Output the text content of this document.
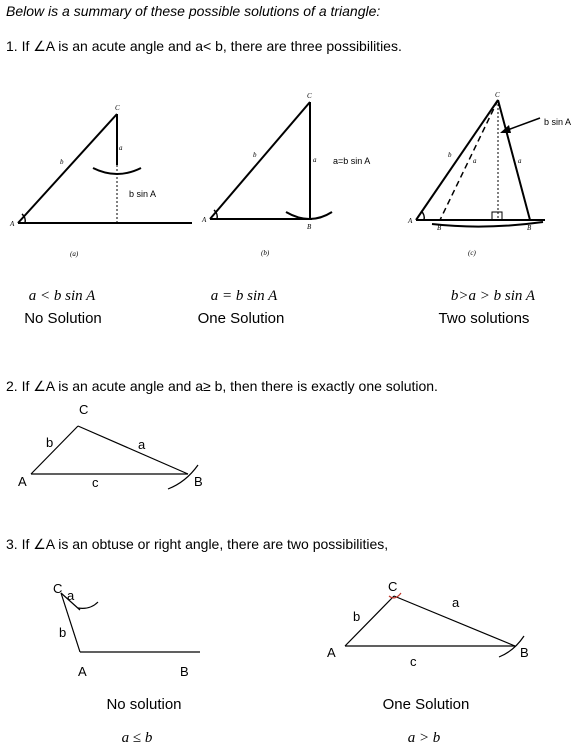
Below is a summary of these possible solutions of a triangle:
1. If ∠A is an acute angle and a< b, there are three possibilities.
A
C
b
a
b sin A
(a)
A
B
C
b
a a=b sin A
(b)
A
B	B
C
b
a	a
b sin A
(c)
A	B
C
b	a
c
C a
b
A	B
C
b
a
A	B
c
a < b sin A
No Solution
a = b sin A
One Solution
b>a > b sin A
Two solutions
2. If ∠A is an acute angle and a≥ b, then there is exactly one solution.
3. If ∠A is an obtuse or right angle, there are two possibilities,
No solution
a ≤ b
One Solution
a > b
